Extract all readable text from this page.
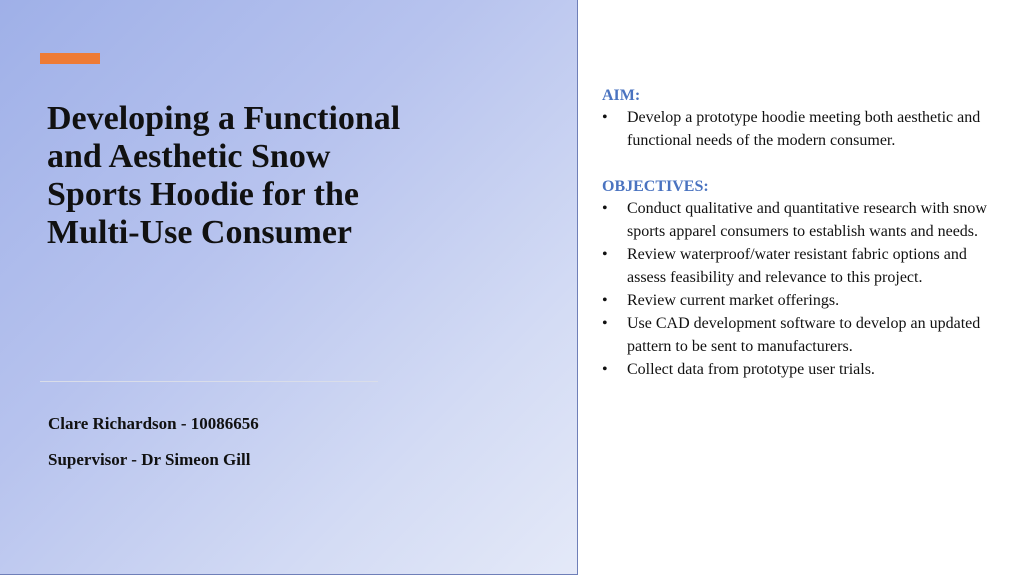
Developing a Functional and Aesthetic Snow Sports Hoodie for the Multi-Use Consumer

Clare Richardson - 10086656

Supervisor - Dr Simeon Gill

AIM:

• Develop a prototype hoodie meeting both aesthetic and functional needs of the modern consumer.

OBJECTIVES:

• Conduct qualitative and quantitative research with snow sports apparel consumers to establish wants and needs.
• Review waterproof/water resistant fabric options and assess feasibility and relevance to this project.
• Review current market offerings.
• Use CAD development software to develop an updated pattern to be sent to manufacturers.
• Collect data from prototype user trials.
